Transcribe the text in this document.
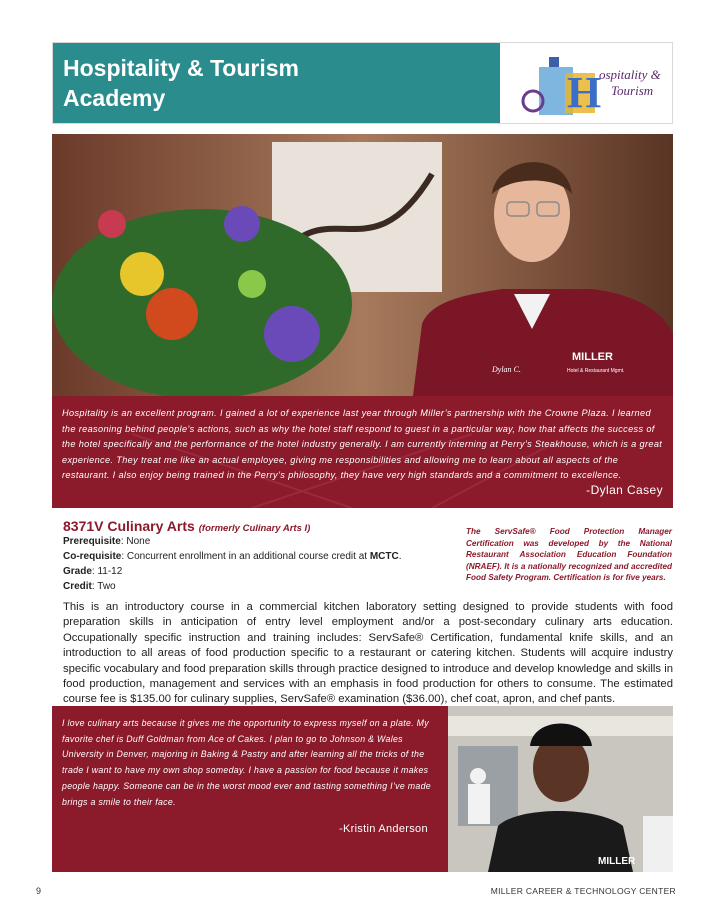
Hospitality & Tourism
Academy	H
ospitality &
Tourism
MILLER
Hotel & Restaurant Mgmt.
Dylan C.
Hospitality is an excellent program. I gained a lot of experience last year through Miller’s partnership with the Crowne Plaza. I learned the reasoning behind people’s actions, such as why the hotel staff respond to guest in a particular way, how that affects the success of the hotel specifically and the performance of the hotel industry generally. I am currently interning at Perry’s Steakhouse, which is a great experience. They treat me like an actual employee, giving me responsibilities and allowing me to learn about all aspects of the restaurant. I also enjoy being trained in the Perry’s philosophy, they have very high standards and a commitment to excellence.
-Dylan Casey
8371V Culinary Arts (formerly Culinary Arts I)
Prerequisite: None
Co-requisite: Concurrent enrollment in an additional course credit at MCTC.
Grade: 11-12
Credit: Two
The ServSafe® Food Protection Manager Certification was developed by the National Restaurant Association Education Foundation (NRAEF). It is a nationally recognized and accredited Food Safety Program. Certification is for five years.
This is an introductory course in a commercial kitchen laboratory setting designed to provide students with food preparation skills in anticipation of entry level employment and/or a post-secondary culinary arts education. Occupationally specific instruction and training includes: ServSafe® Certification, fundamental knife skills, and an introduction to all areas of food production specific to a restaurant or catering kitchen. Students will acquire industry specific vocabulary and food preparation skills through practice designed to introduce and develop knowledge and skills in food production, management and services with an emphasis in food production for others to consume. The estimated course fee is $135.00 for culinary supplies, ServSafe® examination ($36.00), chef coat, apron, and chef pants.
I love culinary arts because it gives me the opportunity to express myself on a plate. My favorite chef is Duff Goldman from Ace of Cakes. I plan to go to Johnson & Wales University in Denver, majoring in Baking & Pastry and after learning all the tricks of the trade I want to have my own shop someday. I have a passion for food because it makes people happy. Someone can be in the worst mood ever and tasting something I’ve made brings a smile to their face.
-Kristin Anderson
MILLER
9	MILLER CAREER & TECHNOLOGY CENTER
